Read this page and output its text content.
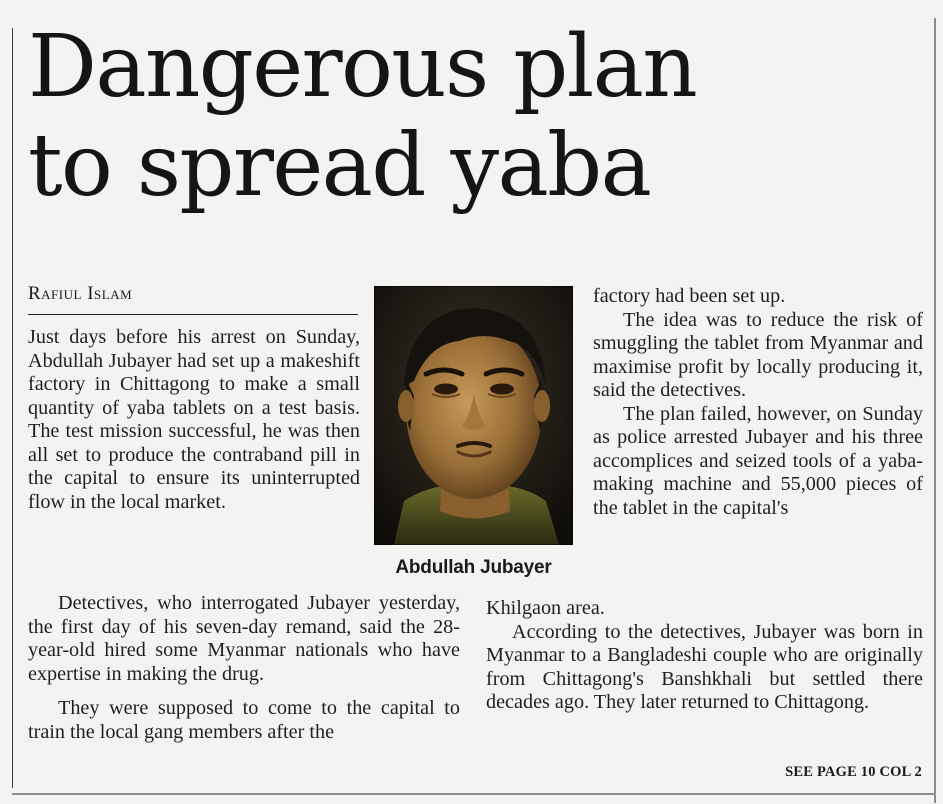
Dangerous plan
to spread yaba
Rafiul Islam

Just days before his arrest on Sunday, Abdullah Jubayer had set up a makeshift factory in Chittagong to make a small quantity of yaba tablets on a test basis. The test mission successful, he was then all set to produce the contraband pill in the capital to ensure its uninterrupted flow in the local market.

Abdullah Jubayer

Detectives, who interrogated Jubayer yesterday, the first day of his seven-day remand, said the 28-year-old hired some Myanmar nationals who have expertise in making the drug.

They were supposed to come to the capital to train the local gang members after the

factory had been set up.

The idea was to reduce the risk of smuggling the tablet from Myanmar and maximise profit by locally producing it, said the detectives.

The plan failed, however, on Sunday as police arrested Jubayer and his three accomplices and seized tools of a yaba-making machine and 55,000 pieces of the tablet in the capital's

Khilgaon area.

According to the detectives, Jubayer was born in Myanmar to a Bangladeshi couple who are originally from Chittagong's Banshkhali but settled there decades ago. They later returned to Chittagong.

SEE PAGE 10 COL 2
